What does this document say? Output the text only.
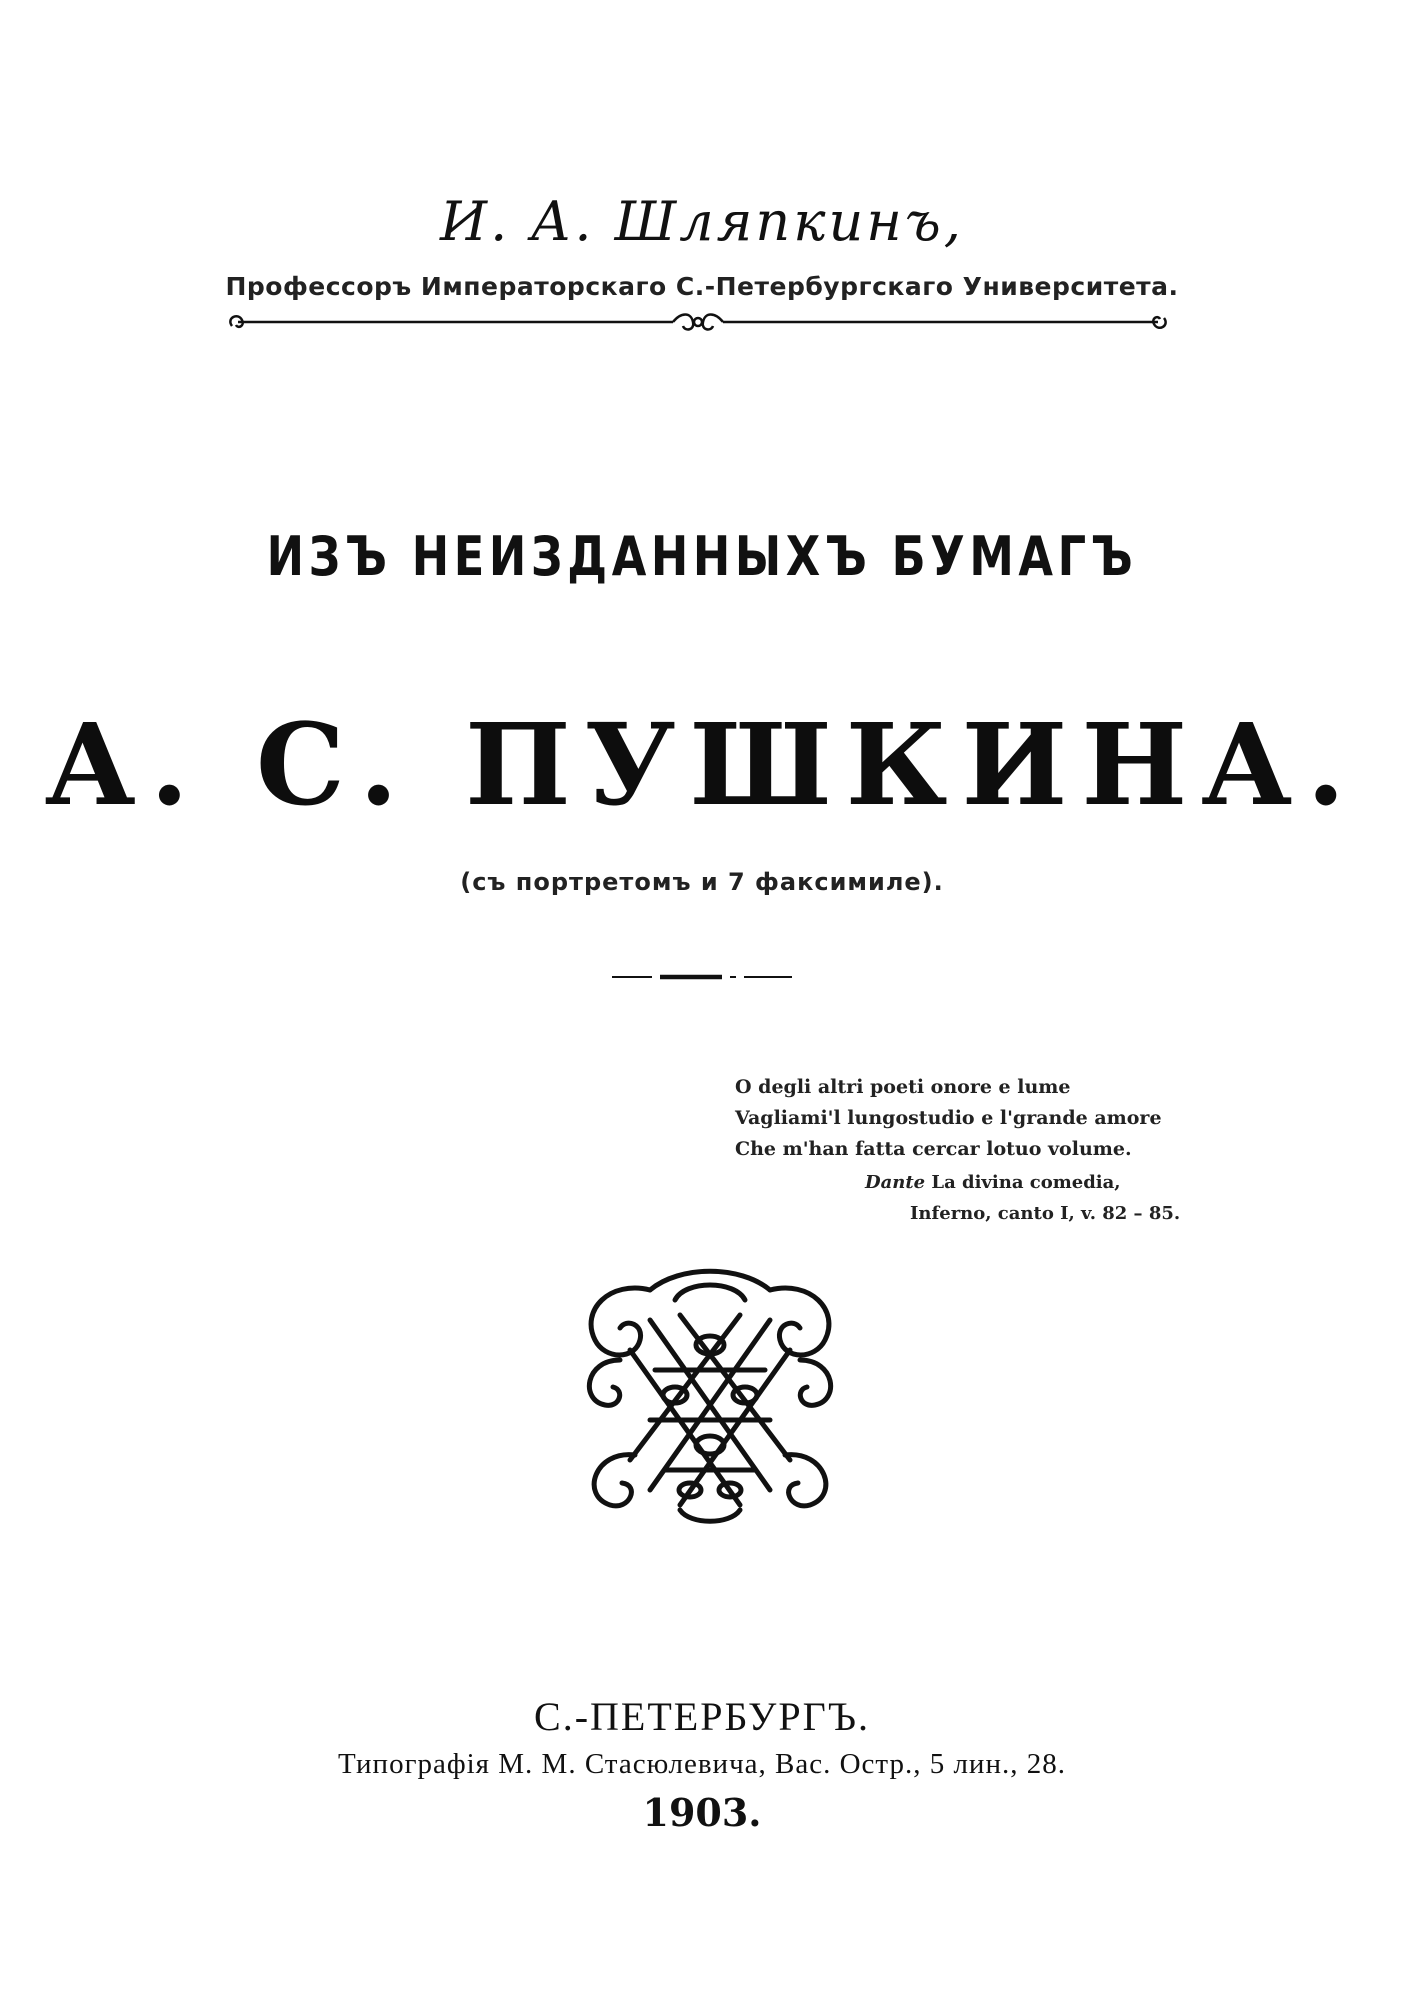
И. А. Шляпкинъ,
Профессоръ Императорскаго С.-Петербургскаго Университета.
ИЗЪ НЕИЗДАННЫХЪ БУМАГЪ
А. С. ПУШКИНА.
(съ портретомъ и 7 факсимиле).
O degli altri poeti onore e lume
Vagliami'l lungostudio e l'grande amore
Che m'han fatta cercar lotuo volume.
Dante La divina comedia,
Inferno, canto I, v. 82 – 85.
С.-ПЕТЕРБУРГЪ.
Типографія М. М. Стасюлевича, Вас. Остр., 5 лин., 28.
1903.
